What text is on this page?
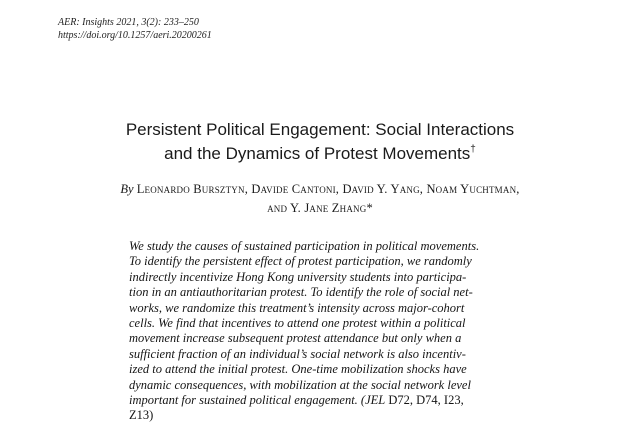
AER: Insights 2021, 3(2): 233–250
https://doi.org/10.1257/aeri.20200261
Persistent Political Engagement: Social Interactions
and the Dynamics of Protest Movements†
By Leonardo Bursztyn, Davide Cantoni, David Y. Yang, Noam Yuchtman,
and Y. Jane Zhang*
We study the causes of sustained participation in political movements.
To identify the persistent effect of protest participation, we randomly
indirectly incentivize Hong Kong university students into participa-
tion in an antiauthoritarian protest. To identify the role of social net-
works, we randomize this treatment’s intensity across major-cohort
cells. We find that incentives to attend one protest within a political
movement increase subsequent protest attendance but only when a
sufficient fraction of an individual’s social network is also incentiv-
ized to attend the initial protest. One-time mobilization shocks have
dynamic consequences, with mobilization at the social network level
important for sustained political engagement. (JEL D72, D74, I23,
Z13)
